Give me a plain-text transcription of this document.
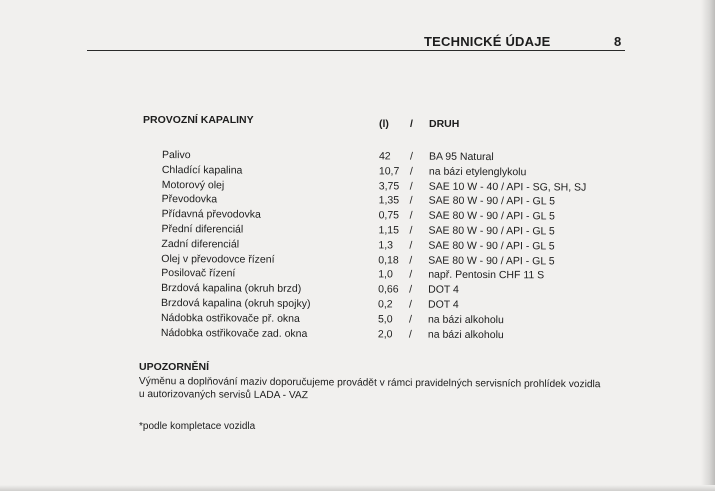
TECHNICKÉ ÚDAJE	8
PROVOZNÍ KAPALINY	(l) / DRUH
Palivo	42 / BA 95 Natural
Chladící kapalina	10,7 / na bázi etylenglykolu
Motorový olej	3,75 / SAE 10 W - 40 / API - SG, SH, SJ
Převodovka	1,35 / SAE 80 W - 90 / API - GL 5
Přídavná převodovka	0,75 / SAE 80 W - 90 / API - GL 5
Přední diferenciál	1,15 / SAE 80 W - 90 / API - GL 5
Zadní diferenciál	1,3 / SAE 80 W - 90 / API - GL 5
Olej v převodovce řízení	0,18 / SAE 80 W - 90 / API - GL 5
Posilovač řízení	1,0 / např. Pentosin CHF 11 S
Brzdová kapalina (okruh brzd)	0,66 / DOT 4
Brzdová kapalina (okruh spojky)	0,2 / DOT 4
Nádobka ostřikovače př. okna	5,0 / na bázi alkoholu
Nádobka ostřikovače zad. okna	2,0 / na bázi alkoholu
UPOZORNĚNÍ
Výměnu a doplňování maziv doporučujeme provádět v rámci pravidelných servisních prohlídek vozidla
u autorizovaných servisů LADA - VAZ
*podle kompletace vozidla
